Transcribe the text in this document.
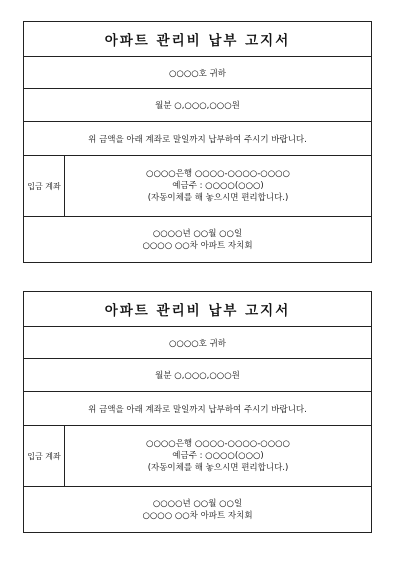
아파트 관리비 납부 고지서
○○○○호 귀하
월분 ○,○○○,○○○원
위 금액을 아래 계좌로 말일까지 납부하여 주시기 바랍니다.
입금 계좌
○○○○은행 ○○○○-○○○○-○○○○
예금주 : ○○○○(○○○)
(자동이체를 해 놓으시면 편리합니다.)
○○○○년 ○○월 ○○일
○○○○ ○○차 아파트 자치회
아파트 관리비 납부 고지서
○○○○호 귀하
월분 ○,○○○,○○○원
위 금액을 아래 계좌로 말일까지 납부하여 주시기 바랍니다.
입금 계좌
○○○○은행 ○○○○-○○○○-○○○○
예금주 : ○○○○(○○○)
(자동이체를 해 놓으시면 편리합니다.)
○○○○년 ○○월 ○○일
○○○○ ○○차 아파트 자치회
